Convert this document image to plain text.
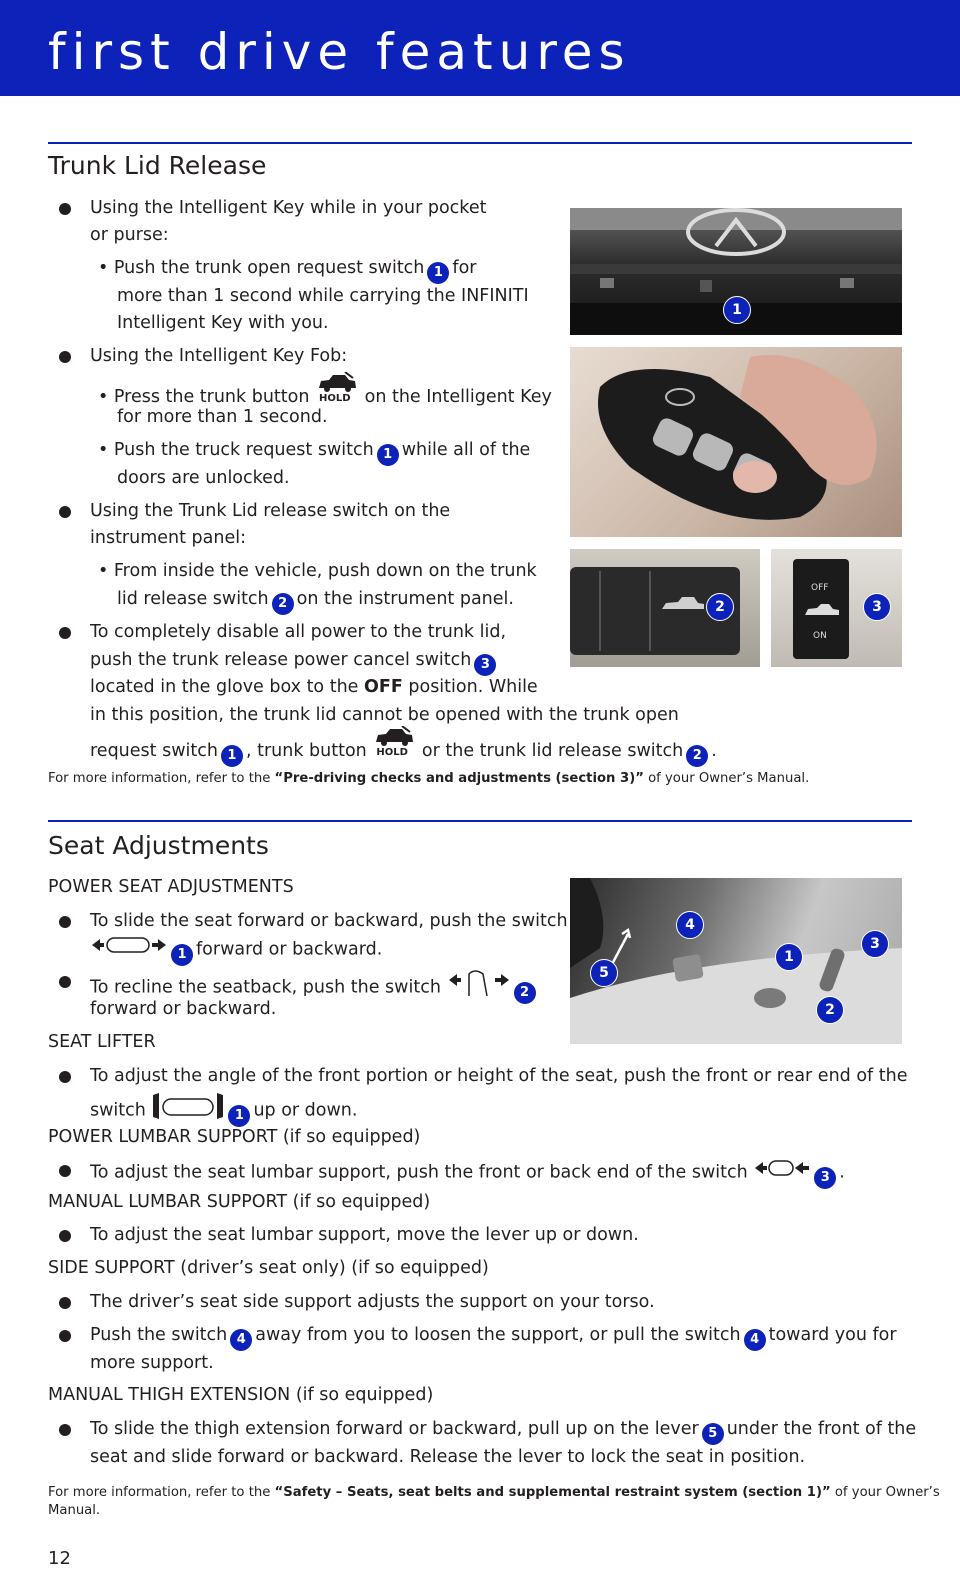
first drive features
Trunk Lid Release
Using the Intelligent Key while in your pocket
or purse:
• Push the trunk open request switch 1 for
more than 1 second while carrying the INFINITI
Intelligent Key with you.
Using the Intelligent Key Fob:
• Press the trunk button HOLD on the Intelligent Key
for more than 1 second.
• Push the truck request switch 1 while all of the
doors are unlocked.
Using the Trunk Lid release switch on the
instrument panel:
• From inside the vehicle, push down on the trunk
lid release switch 2 on the instrument panel.
To completely disable all power to the trunk lid,
push the trunk release power cancel switch 3
located in the glove box to the OFF position. While
in this position, the trunk lid cannot be opened with the trunk open
request switch 1 , trunk button HOLD or the trunk lid release switch 2 .
For more information, refer to the “Pre-driving checks and adjustments (section 3)” of your Owner’s Manual.
1
2
OFF
ON
3
Seat Adjustments
POWER SEAT ADJUSTMENTS
To slide the seat forward or backward, push the switch
1 forward or backward.
To recline the seatback, push the switch	2
forward or backward.
SEAT LIFTER
To adjust the angle of the front portion or height of the seat, push the front or rear end of the
switch	1 up or down.
POWER LUMBAR SUPPORT (if so equipped)
To adjust the seat lumbar support, push the front or back end of the switch	3 .
MANUAL LUMBAR SUPPORT (if so equipped)
To adjust the seat lumbar support, move the lever up or down.
SIDE SUPPORT (driver’s seat only) (if so equipped)
The driver’s seat side support adjusts the support on your torso.
Push the switch 4 away from you to loosen the support, or pull the switch 4 toward you for
more support.
MANUAL THIGH EXTENSION (if so equipped)
To slide the thigh extension forward or backward, pull up on the lever 5 under the front of the
seat and slide forward or backward. Release the lever to lock the seat in position.
For more information, refer to the “Safety – Seats, seat belts and supplemental restraint system (section 1)” of your Owner’s Manual.
4
3
1
5
2
12
